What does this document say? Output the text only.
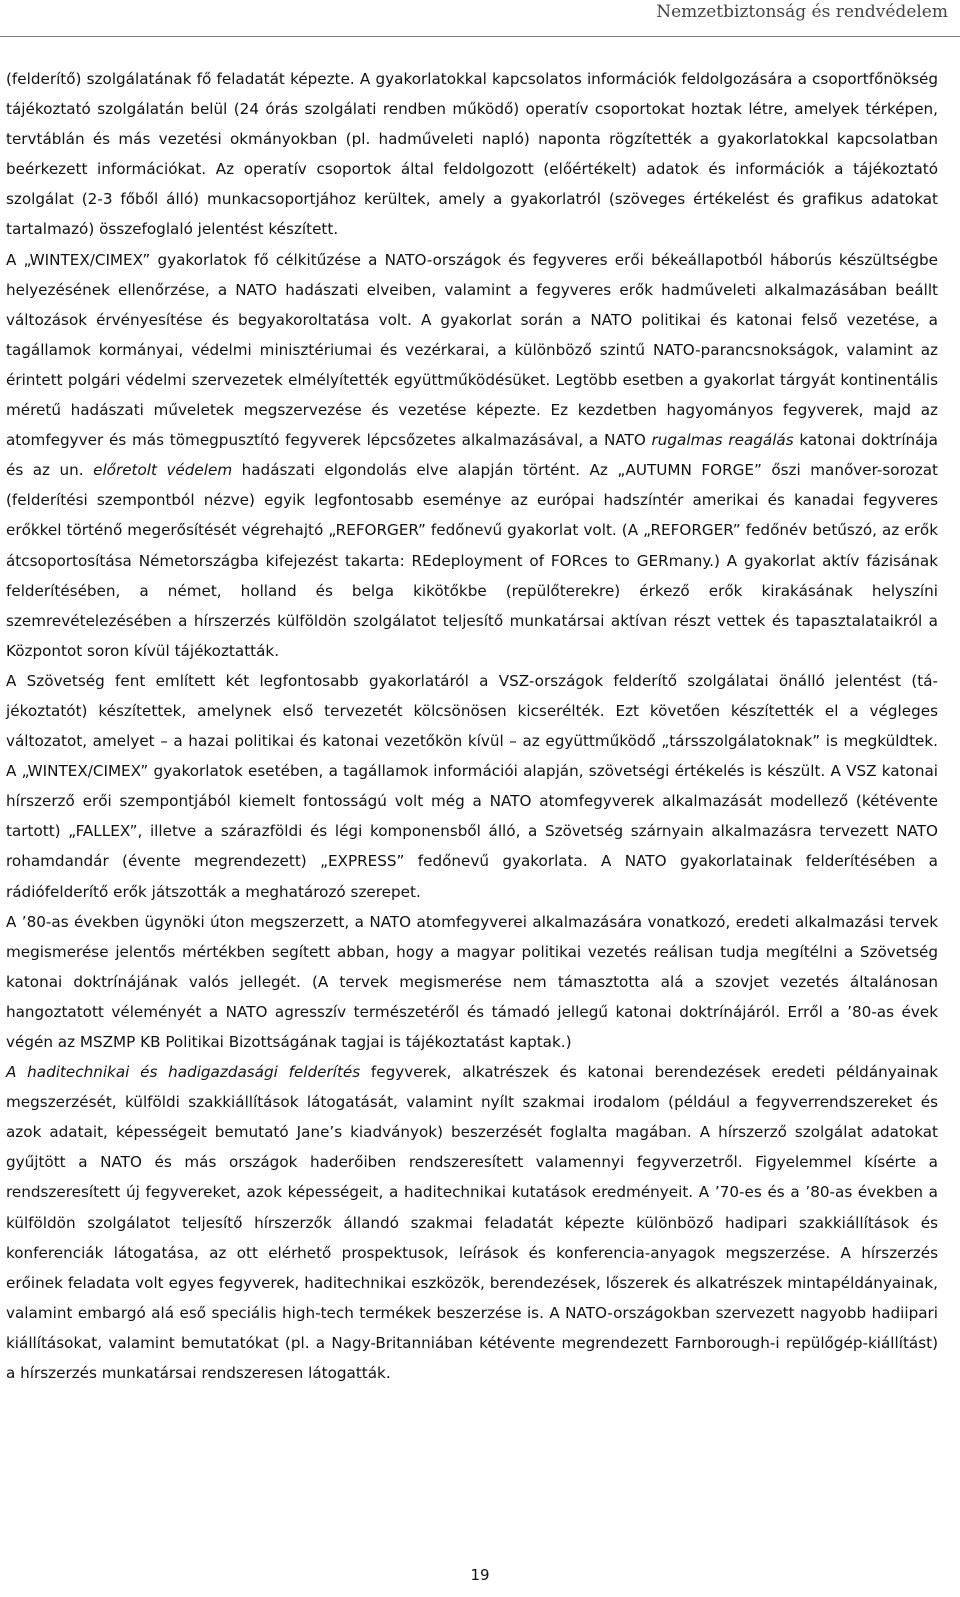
Nemzetbiztonság és rendvédelem

(felderítő) szolgálatának fő feladatát képezte. A gyakorlatokkal kapcsolatos információk feldolgozására a csoportfőnökség tájékoztató szolgálatán belül (24 órás szolgálati rendben működő) operatív csoportokat hoztak létre, amelyek térképen, tervtáblán és más vezetési okmányokban (pl. hadműveleti napló) naponta rögzítették a gyakorlatokkal kapcsolatban beérkezett információkat. Az operatív csoportok által feldolgozott (előértékelt) adatok és információk a tájékoztató szolgálat (2-3 főből álló) munkacsoportjához kerültek, amely a gyakorlatról (szöveges értékelést és grafikus adatokat tartalmazó) összefoglaló jelentést készített.

A „WINTEX/CIMEX” gyakorlatok fő célkitűzése a NATO-országok és fegyveres erői békeállapotból háborús készültségbe helyezésének ellenőrzése, a NATO hadászati elveiben, valamint a fegyveres erők hadműveleti alkalmazásában beállt változások érvényesítése és begyakoroltatása volt. A gyakorlat során a NATO politikai és katonai felső vezetése, a tagállamok kormányai, védelmi minisztériumai és vezérkarai, a különböző szintű NATO-parancsnokságok, valamint az érintett polgári védelmi szervezetek elmélyítették együttműködésüket. Legtöbb esetben a gyakorlat tárgyát kontinentális méretű hadászati műveletek megszervezése és vezetése képezte. Ez kezdetben hagyományos fegyverek, majd az atomfegyver és más tömegpusztító fegyverek lépcsőzetes alkalmazásával, a NATO rugalmas reagálás katonai doktrínája és az un. előretolt védelem hadászati elgondolás elve alapján történt. Az „AUTUMN FORGE” őszi manőver-sorozat (felderítési szempontból nézve) egyik legfontosabb eseménye az európai hadszíntér amerikai és kanadai fegyveres erőkkel történő megerősítését végrehajtó „REFORGER” fedőnevű gyakorlat volt. (A „REFORGER” fedőnév betűszó, az erők átcsoportosítása Németországba kifejezést takarta: REdeployment of FORces to GERmany.) A gyakorlat aktív fázisának felderítésében, a német, holland és belga kikötőkbe (repülőterekre) érkező erők kirakásának helyszíni szemrevételezésében a hírszerzés külföldön szolgálatot teljesítő munkatársai aktívan részt vettek és tapasztalataikról a Központot soron kívül tájékoztatták.

A Szövetség fent említett két legfontosabb gyakorlatáról a VSZ-országok felderítő szolgálatai önálló jelentést (tájékoztatót) készítettek, amelynek első tervezetét kölcsönösen kicserélték. Ezt követően készítették el a végleges változatot, amelyet – a hazai politikai és katonai vezetőkön kívül – az együttműködő „társszolgálatoknak” is megküldtek. A „WINTEX/CIMEX” gyakorlatok esetében, a tagállamok információi alapján, szövetségi értékelés is készült. A VSZ katonai hírszerző erői szempontjából kiemelt fontosságú volt még a NATO atomfegyverek alkalmazását modellező (kétévente tartott) „FALLEX”, illetve a szárazföldi és légi komponensből álló, a Szövetség szárnyain alkalmazásra tervezett NATO rohamdandár (évente megrendezett) „EXPRESS” fedőnevű gyakorlata. A NATO gyakorlatainak felderítésében a rádiófelderítő erők játszották a meghatározó szerepet.

A ’80-as években ügynöki úton megszerzett, a NATO atomfegyverei alkalmazására vonatkozó, eredeti alkalmazási tervek megismerése jelentős mértékben segített abban, hogy a magyar politikai vezetés reálisan tudja megítélni a Szövetség katonai doktrínájának valós jellegét. (A tervek megismerése nem támasztotta alá a szovjet vezetés általánosan hangoztatott véleményét a NATO agresszív természetéről és támadó jellegű katonai doktrínájáról. Erről a ’80-as évek végén az MSZMP KB Politikai Bizottságának tagjai is tájékoztatást kaptak.)

A haditechnikai és hadigazdasági felderítés fegyverek, alkatrészek és katonai berendezések eredeti példányainak megszerzését, külföldi szakkiállítások látogatását, valamint nyílt szakmai irodalom (például a fegyverrendszereket és azok adatait, képességeit bemutató Jane’s kiadványok) beszerzését foglalta magában. A hírszerző szolgálat adatokat gyűjtött a NATO és más országok haderőiben rendszeresített valamennyi fegyverzetről. Figyelemmel kísérte a rendszeresített új fegyvereket, azok képességeit, a haditechnikai kutatások eredményeit. A ’70-es és a ’80-as években a külföldön szolgálatot teljesítő hírszerzők állandó szakmai feladatát képezte különböző hadipari szakkiállítások és konferenciák látogatása, az ott elérhető prospektusok, leírások és konferencia-anyagok megszerzése. A hírszerzés erőinek feladata volt egyes fegyverek, haditechnikai eszközök, berendezések, lőszerek és alkatrészek mintapéldányainak, valamint embargó alá eső speciális high-tech termékek beszerzése is. A NATO-országokban szervezett nagyobb hadiipari kiállításokat, valamint bemutatókat (pl. a Nagy-Britanniában kétévente megrendezett Farnborough-i repülőgép-kiállítást) a hírszerzés munkatársai rendszeresen látogatták.

19
